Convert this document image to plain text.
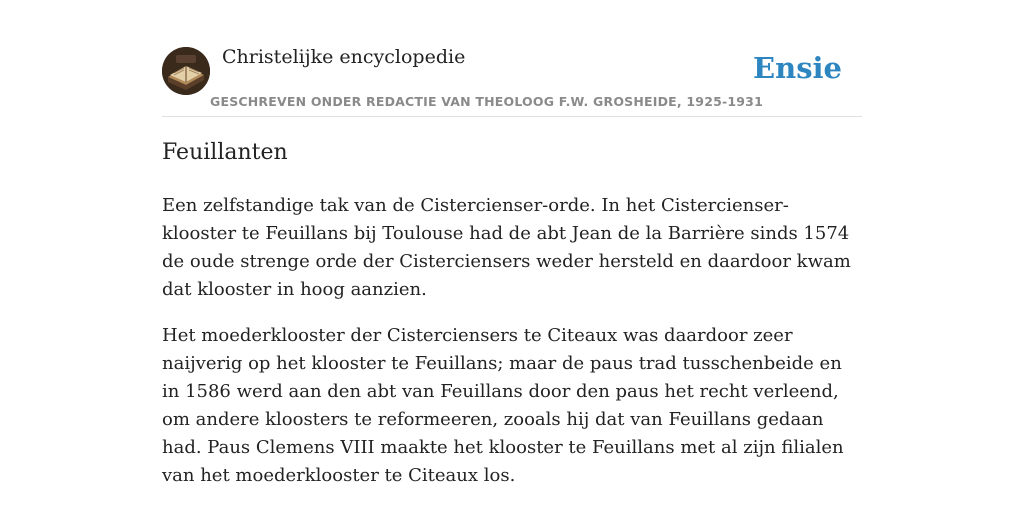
Christelijke encyclopedie
GESCHREVEN ONDER REDACTIE VAN THEOLOOG F.W. GROSHEIDE, 1925-1931
Ensie
Feuillanten

Een zelfstandige tak van de Cistercienser-orde. In het Cistercienser-klooster te Feuillans bij Toulouse had de abt Jean de la Barrière sinds 1574 de oude strenge orde der Cisterciensers weder hersteld en daardoor kwam dat klooster in hoog aanzien.

Het moederklooster der Cisterciensers te Citeaux was daardoor zeer naijverig op het klooster te Feuillans; maar de paus trad tusschenbeide en in 1586 werd aan den abt van Feuillans door den paus het recht verleend, om andere kloosters te reformeeren, zooals hij dat van Feuillans gedaan had. Paus Clemens VIII maakte het klooster te Feuillans met al zijn filialen van het moederklooster te Citeaux los.
